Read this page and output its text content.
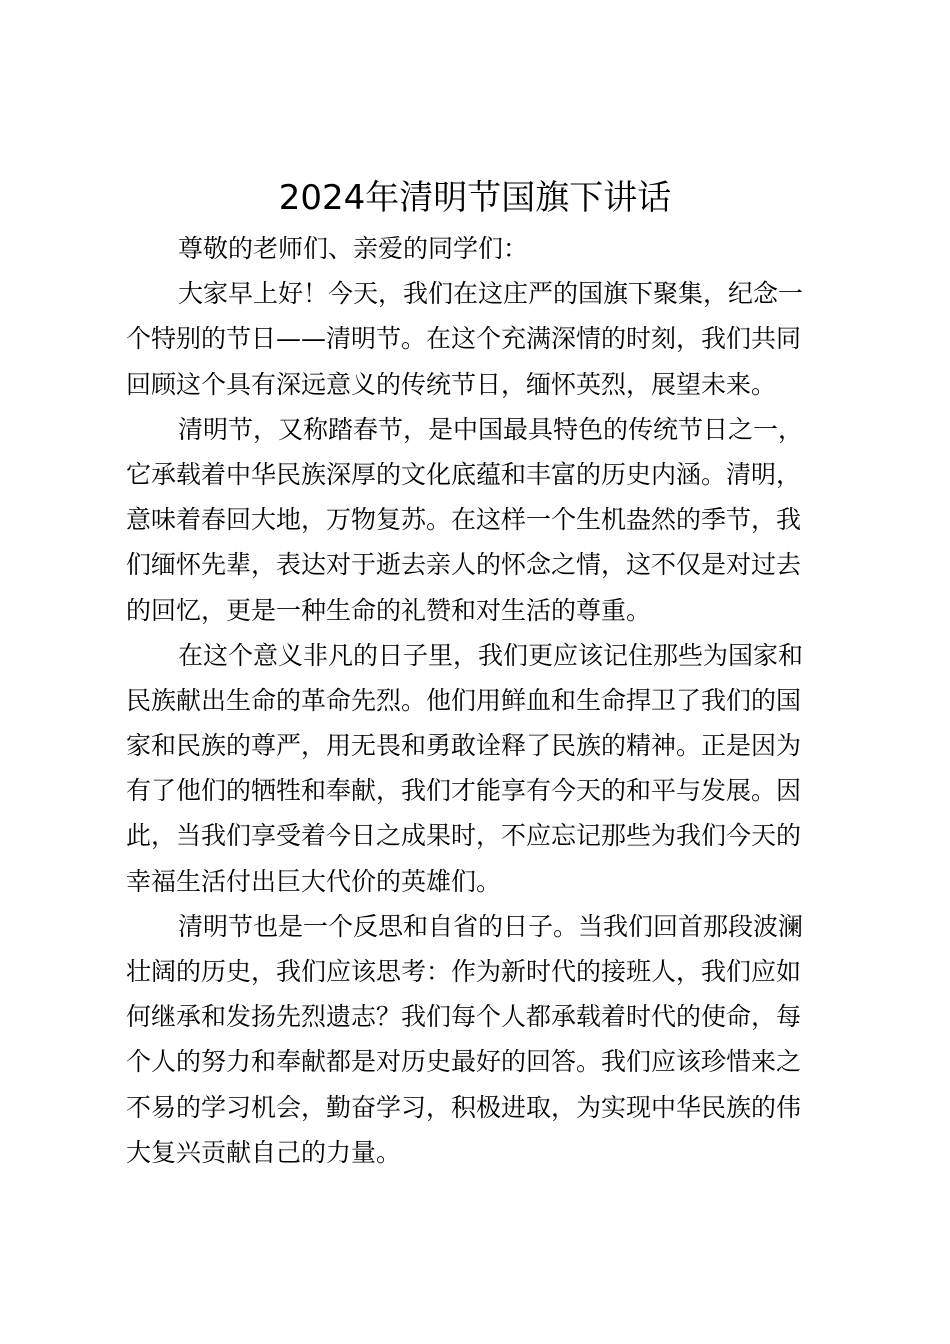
2024年清明节国旗下讲话
尊敬的老师们、亲爱的同学们：
大家早上好！今天，我们在这庄严的国旗下聚集，纪念一
个特别的节日——清明节。在这个充满深情的时刻，我们共同
回顾这个具有深远意义的传统节日，缅怀英烈，展望未来。
清明节，又称踏春节，是中国最具特色的传统节日之一，
它承载着中华民族深厚的文化底蕴和丰富的历史内涵。清明，
意味着春回大地，万物复苏。在这样一个生机盎然的季节，我
们缅怀先辈，表达对于逝去亲人的怀念之情，这不仅是对过去
的回忆，更是一种生命的礼赞和对生活的尊重。
在这个意义非凡的日子里，我们更应该记住那些为国家和
民族献出生命的革命先烈。他们用鲜血和生命捍卫了我们的国
家和民族的尊严，用无畏和勇敢诠释了民族的精神。正是因为
有了他们的牺牲和奉献，我们才能享有今天的和平与发展。因
此，当我们享受着今日之成果时，不应忘记那些为我们今天的
幸福生活付出巨大代价的英雄们。
清明节也是一个反思和自省的日子。当我们回首那段波澜
壮阔的历史，我们应该思考：作为新时代的接班人，我们应如
何继承和发扬先烈遗志？我们每个人都承载着时代的使命，每
个人的努力和奉献都是对历史最好的回答。我们应该珍惜来之
不易的学习机会，勤奋学习，积极进取，为实现中华民族的伟
大复兴贡献自己的力量。
